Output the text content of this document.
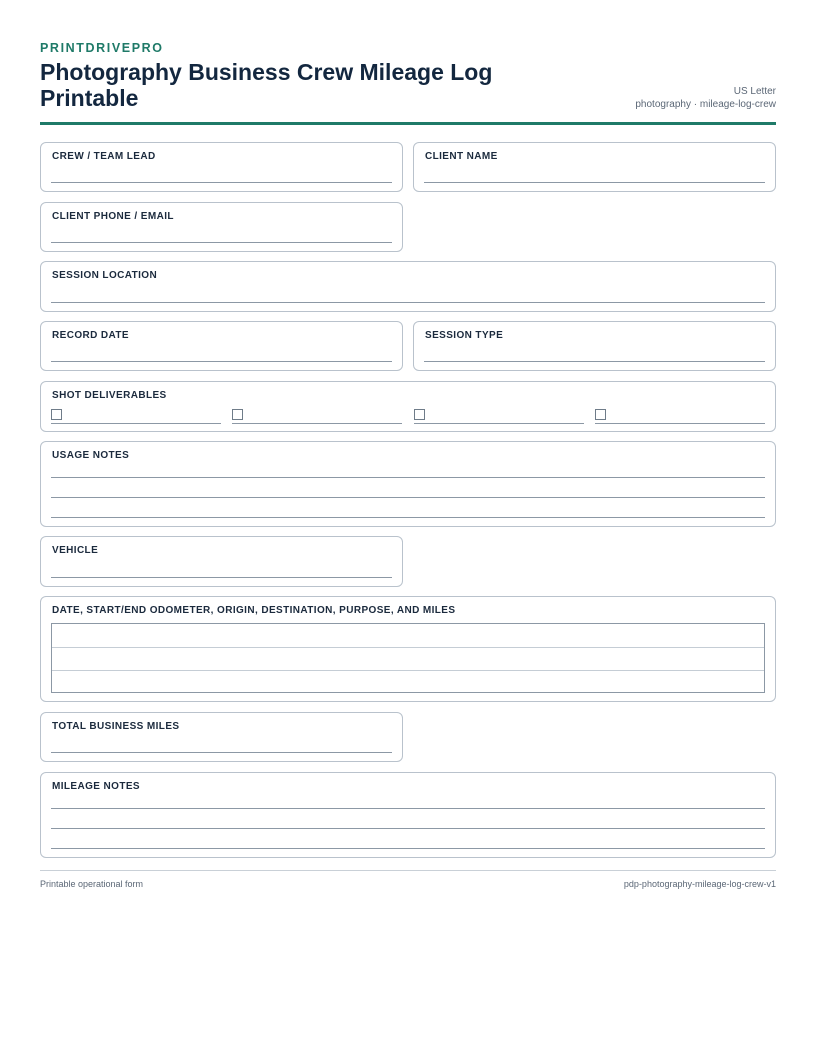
PRINTDRIVEPRO
Photography Business Crew Mileage Log Printable	US Letter
photography · mileage-log-crew
CREW / TEAM LEAD	CLIENT NAME
CLIENT PHONE / EMAIL
SESSION LOCATION
RECORD DATE	SESSION TYPE
SHOT DELIVERABLES
USAGE NOTES
VEHICLE
DATE, START/END ODOMETER, ORIGIN, DESTINATION, PURPOSE, AND MILES
TOTAL BUSINESS MILES
MILEAGE NOTES
Printable operational form	pdp-photography-mileage-log-crew-v1
